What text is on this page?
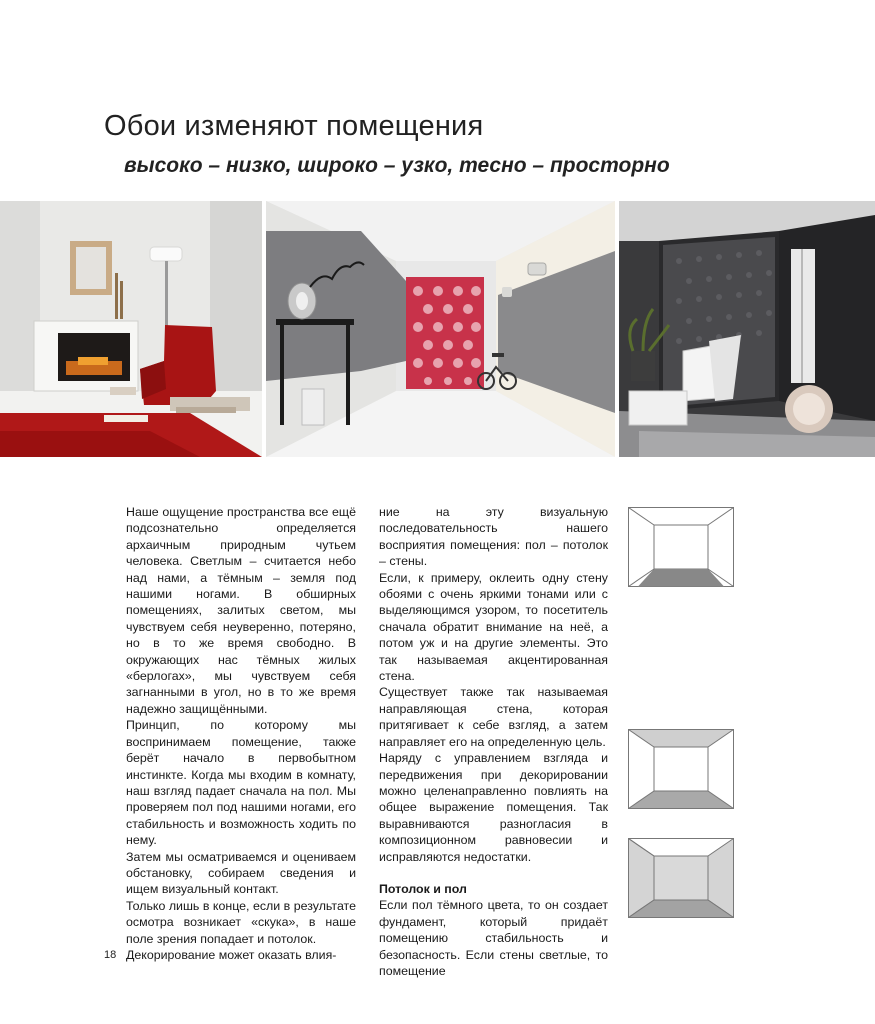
Обои изменяют помещения
высоко – низко, широко – узко, тесно – просторно

Наше ощущение пространства все ещё подсознательно определяется архаичным природным чутьем человека. Светлым – считается небо над нами, а тёмным – земля под нашими ногами. В обширных помещениях, залитых светом, мы чувствуем себя неуверенно, потеряно, но в то же время свободно. В окружающих нас тёмных жилых «берлогах», мы чувствуем себя загнанными в угол, но в то же время надежно защищёнными.

Принцип, по которому мы воспринимаем помещение, также берёт начало в первобытном инстинкте. Когда мы входим в комнату, наш взгляд падает сначала на пол. Мы проверяем пол под нашими ногами, его стабильность и возможность ходить по нему.

Затем мы осматриваемся и оцениваем обстановку, собираем сведения и ищем визуальный контакт.

Только лишь в конце, если в результате осмотра возникает «скука», в наше поле зрения попадает и потолок.

Декорирование может оказать влия-

ние на эту визуальную последовательность нашего восприятия помещения: пол – потолок – стены.

Если, к примеру, оклеить одну стену обоями с очень яркими тонами или с выделяющимся узором, то посетитель сначала обратит внимание на неё, а потом уж и на другие элементы. Это так называемая акцентированная стена.

Существует также так называемая направляющая стена, которая притягивает к себе взгляд, а затем направляет его на определенную цель.

Наряду с управлением взгляда и передвижения при декорировании можно целенаправленно повлиять на общее выражение помещения. Так выравниваются разногласия в композиционном равновесии и исправляются недостатки.

Потолок и пол

Если пол тёмного цвета, то он создает фундамент, который придаёт помещению стабильность и безопасность. Если стены светлые, то помещение

18
